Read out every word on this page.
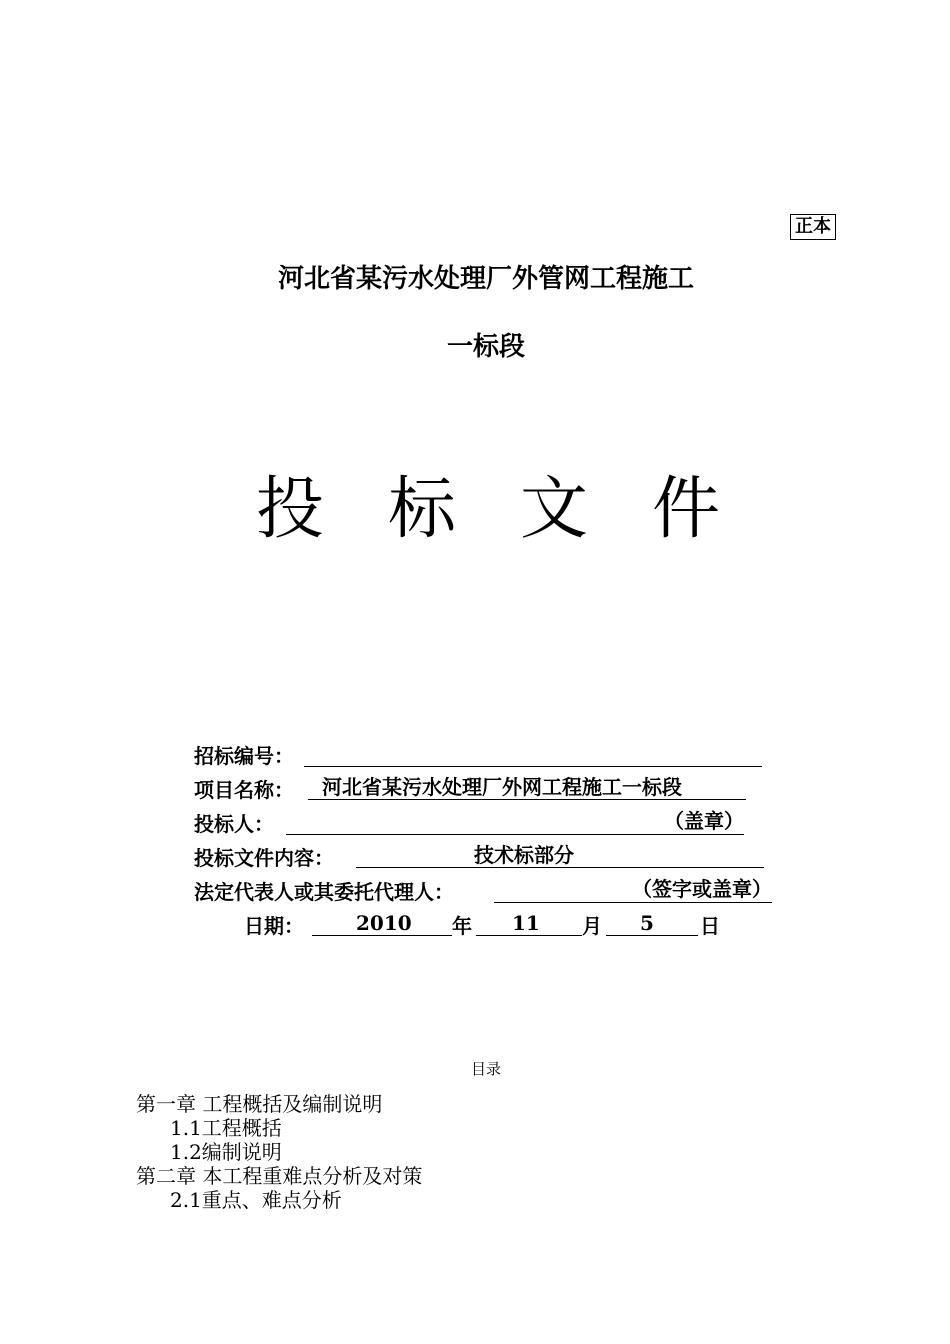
正本
河北省某污水处理厂外管网工程施工
一标段
投 标 文 件
招标编号：
项目名称：	河北省某污水处理厂外网工程施工一标段
投标人：	（盖章）
投标文件内容：	技术标部分
法定代表人或其委托代理人：	（签字或盖章）
日期：	2010	年	11	月	5	日
目录
第一章 工程概括及编制说明
1.1工程概括
1.2编制说明
第二章 本工程重难点分析及对策
2.1重点、难点分析
